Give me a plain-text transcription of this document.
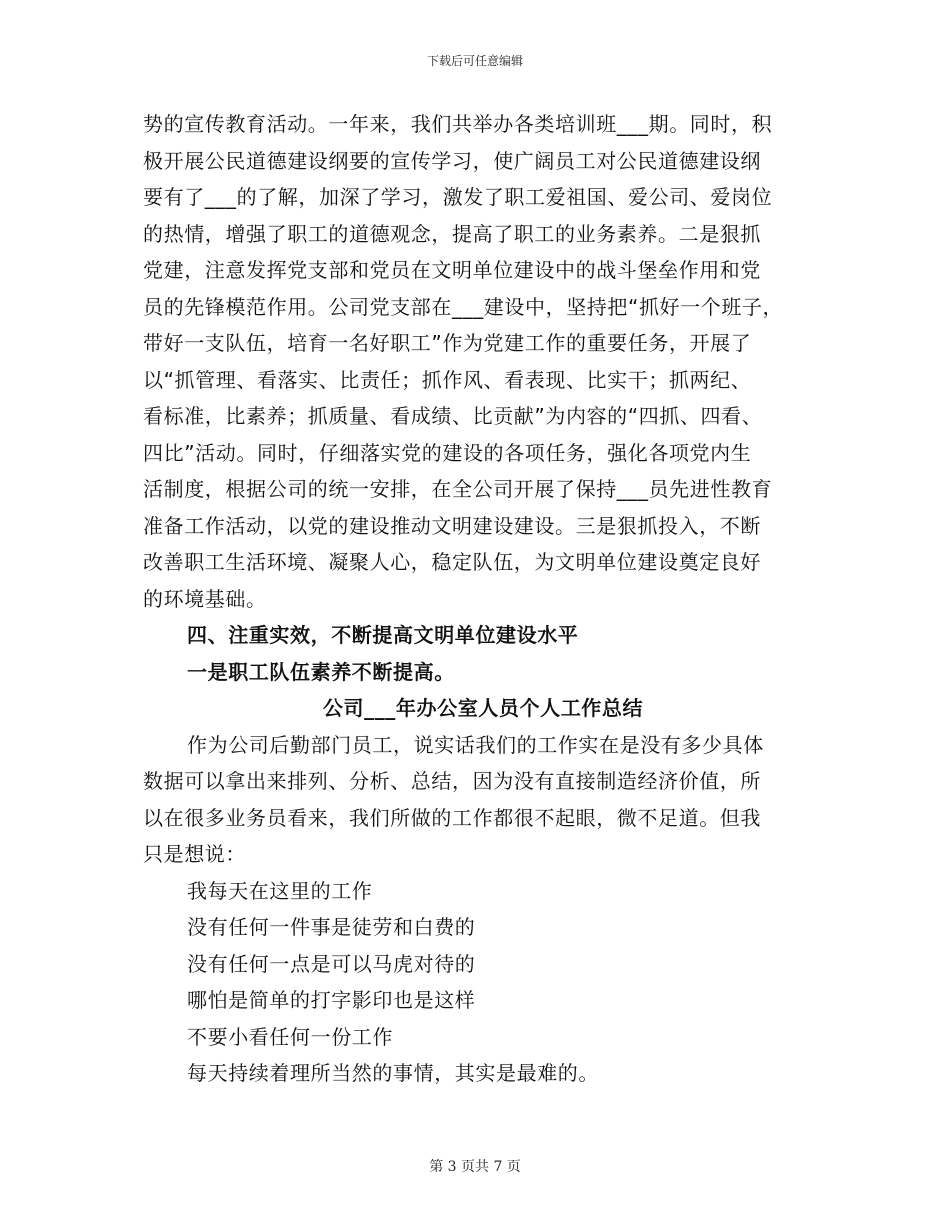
下载后可任意编辑
势的宣传教育活动。一年来，我们共举办各类培训班___期。同时，积
极开展公民道德建设纲要的宣传学习，使广阔员工对公民道德建设纲
要有了___的了解，加深了学习，激发了职工爱祖国、爱公司、爱岗位
的热情，增强了职工的道德观念，提高了职工的业务素养。二是狠抓
党建，注意发挥党支部和党员在文明单位建设中的战斗堡垒作用和党
员的先锋模范作用。公司党支部在___建设中，坚持把“抓好一个班子，
带好一支队伍，培育一名好职工”作为党建工作的重要任务，开展了
以“抓管理、看落实、比责任；抓作风、看表现、比实干；抓两纪、
看标准，比素养；抓质量、看成绩、比贡献”为内容的“四抓、四看、
四比”活动。同时，仔细落实党的建设的各项任务，强化各项党内生
活制度，根据公司的统一安排，在全公司开展了保持___员先进性教育
准备工作活动，以党的建设推动文明建设建设。三是狠抓投入，不断
改善职工生活环境、凝聚人心，稳定队伍，为文明单位建设奠定良好
的环境基础。
四、注重实效，不断提高文明单位建设水平
一是职工队伍素养不断提高。
公司___年办公室人员个人工作总结
作为公司后勤部门员工，说实话我们的工作实在是没有多少具体
数据可以拿出来排列、分析、总结，因为没有直接制造经济价值，所
以在很多业务员看来，我们所做的工作都很不起眼，微不足道。但我
只是想说：
我每天在这里的工作
没有任何一件事是徒劳和白费的
没有任何一点是可以马虎对待的
哪怕是简单的打字影印也是这样
不要小看任何一份工作
每天持续着理所当然的事情，其实是最难的。
第 3 页共 7 页
